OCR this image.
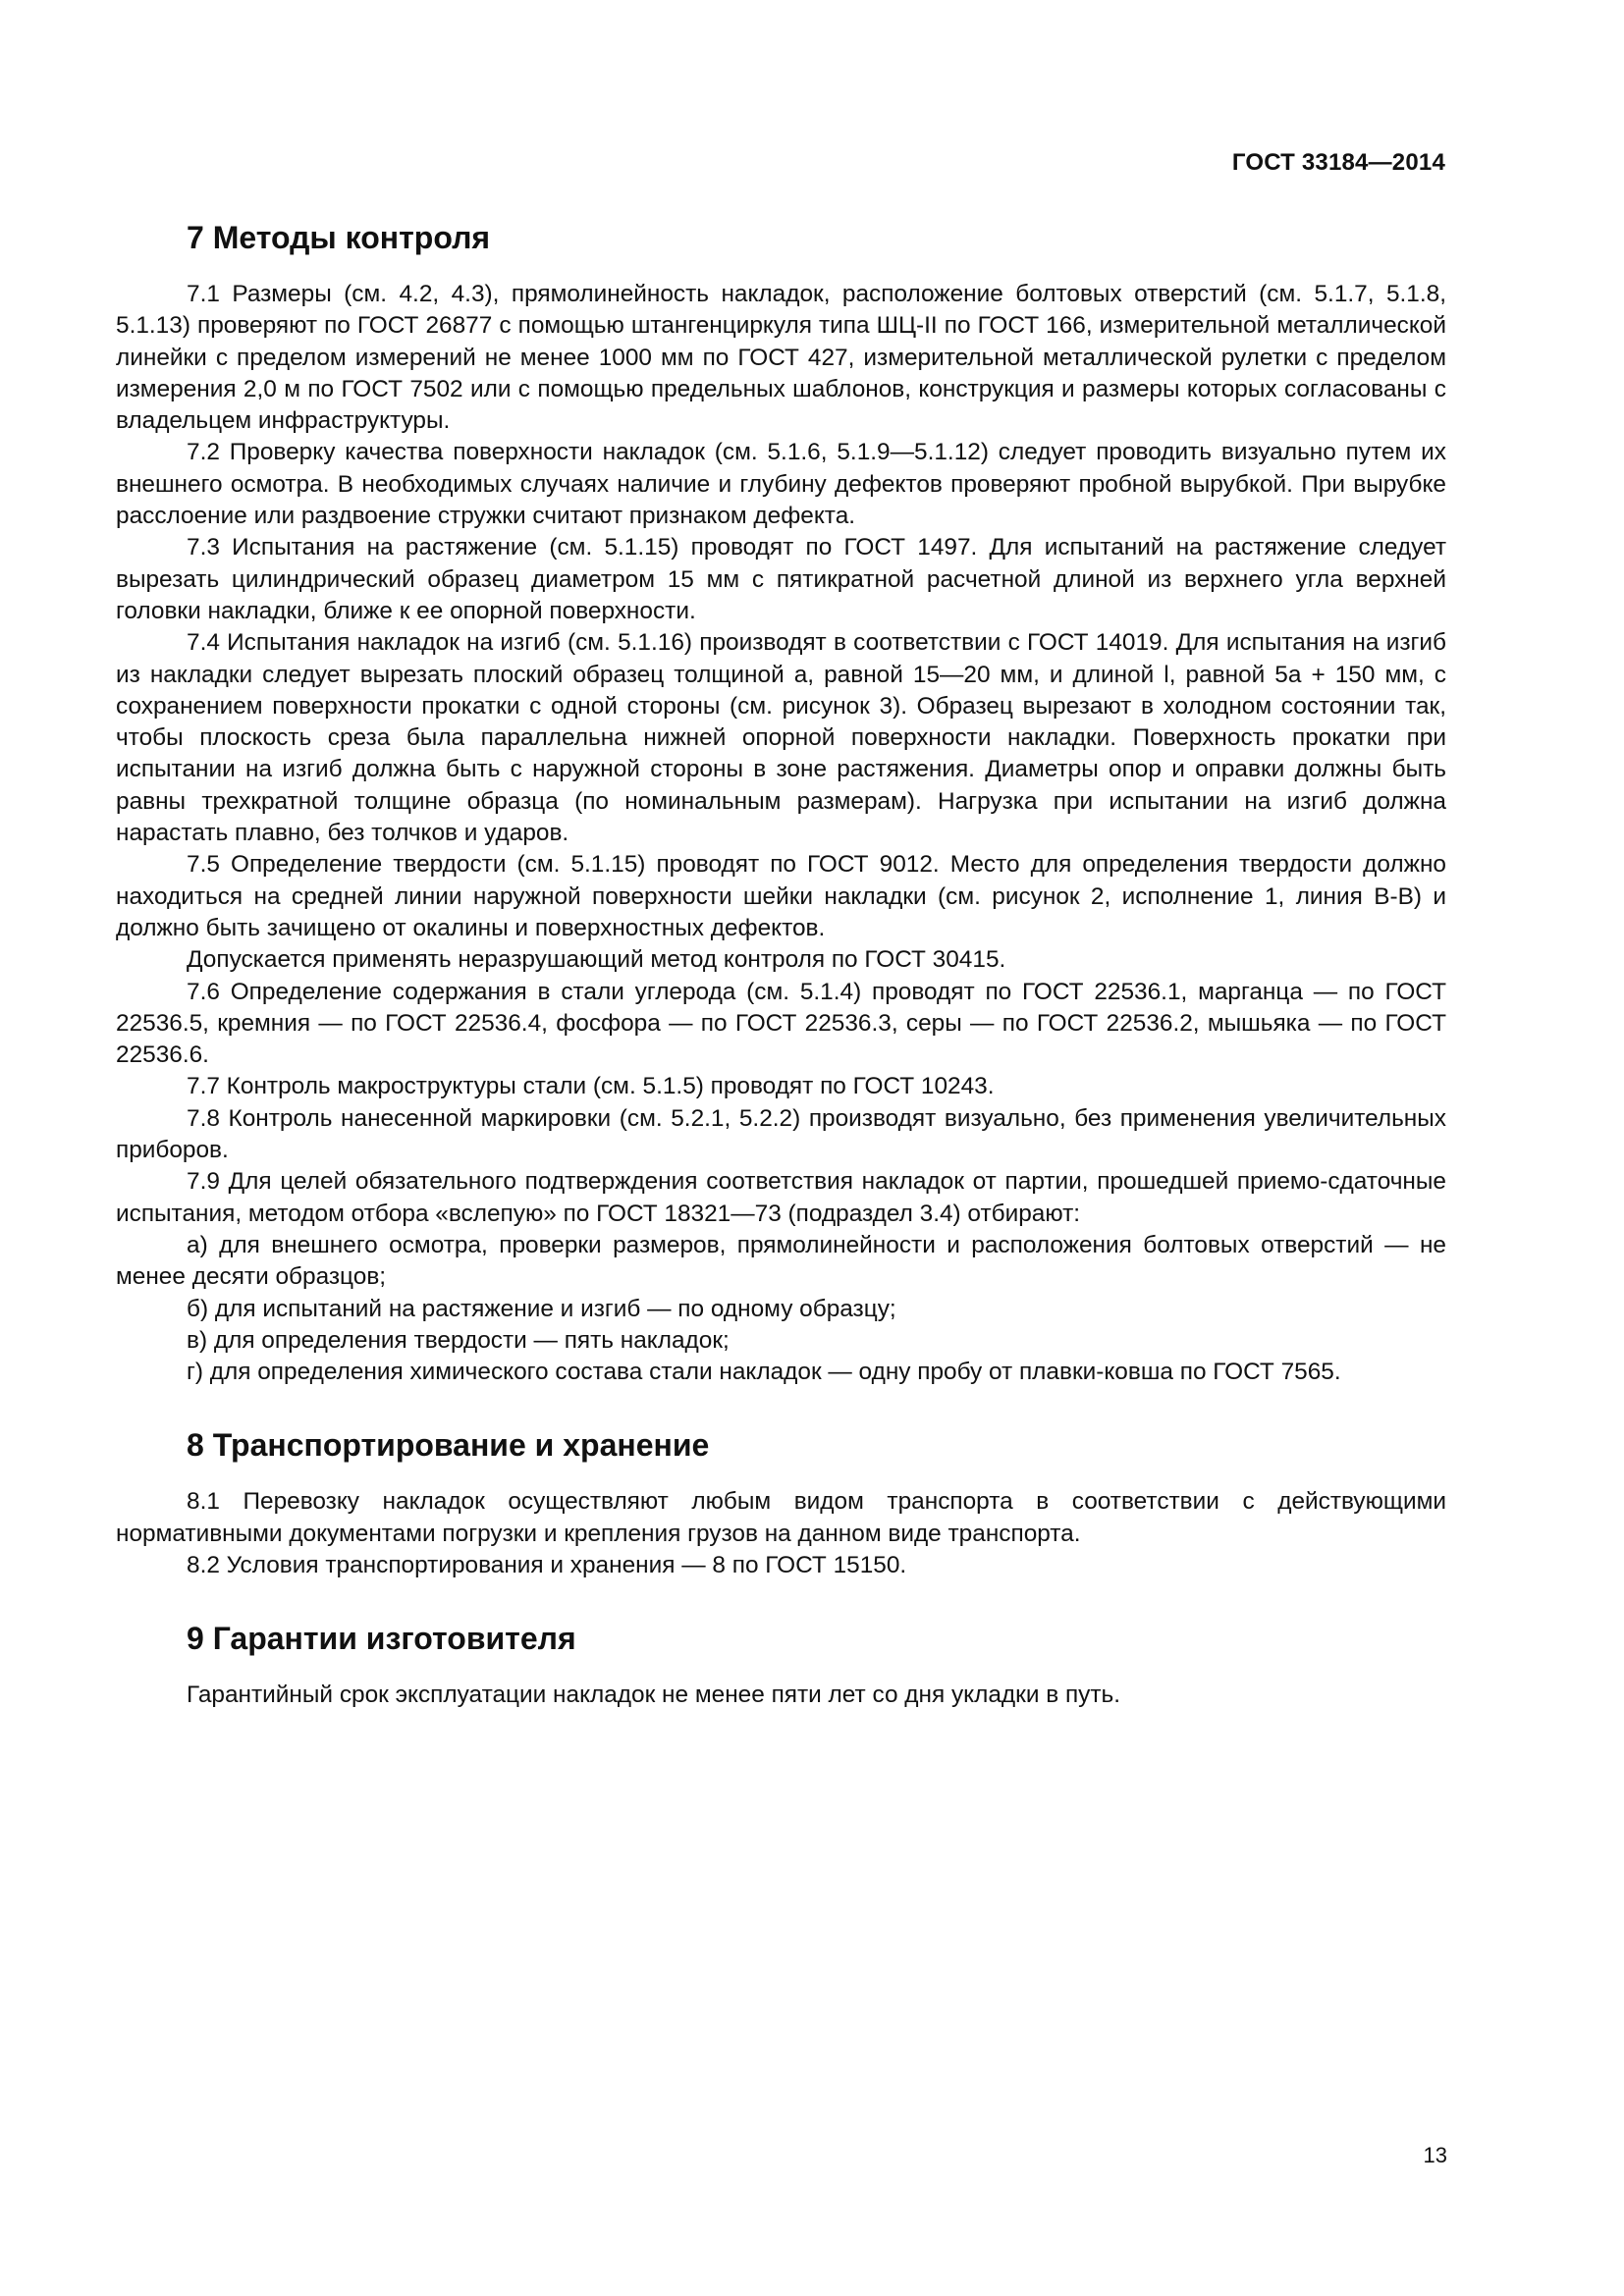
ГОСТ 33184—2014
7 Методы контроля

7.1 Размеры (см. 4.2, 4.3), прямолинейность накладок, расположение болтовых отверстий (см. 5.1.7, 5.1.8, 5.1.13) проверяют по ГОСТ 26877 с помощью штангенциркуля типа ШЦ-II по ГОСТ 166, измерительной металлической линейки с пределом измерений не менее 1000 мм по ГОСТ 427, измерительной металлической рулетки с пределом измерения 2,0 м по ГОСТ 7502 или с помощью предельных шаблонов, конструкция и размеры которых согласованы с владельцем инфраструктуры.

7.2 Проверку качества поверхности накладок (см. 5.1.6, 5.1.9—5.1.12) следует проводить визуально путем их внешнего осмотра. В необходимых случаях наличие и глубину дефектов проверяют пробной вырубкой. При вырубке расслоение или раздвоение стружки считают признаком дефекта.

7.3 Испытания на растяжение (см. 5.1.15) проводят по ГОСТ 1497. Для испытаний на растяжение следует вырезать цилиндрический образец диаметром 15 мм с пятикратной расчетной длиной из верхнего угла верхней головки накладки, ближе к ее опорной поверхности.

7.4 Испытания накладок на изгиб (см. 5.1.16) производят в соответствии с ГОСТ 14019. Для испытания на изгиб из накладки следует вырезать плоский образец толщиной а, равной 15—20 мм, и длиной l, равной 5а + 150 мм, с сохранением поверхности прокатки с одной стороны (см. рисунок 3). Образец вырезают в холодном состоянии так, чтобы плоскость среза была параллельна нижней опорной поверхности накладки. Поверхность прокатки при испытании на изгиб должна быть с наружной стороны в зоне растяжения. Диаметры опор и оправки должны быть равны трехкратной толщине образца (по номинальным размерам). Нагрузка при испытании на изгиб должна нарастать плавно, без толчков и ударов.

7.5 Определение твердости (см. 5.1.15) проводят по ГОСТ 9012. Место для определения твердости должно находиться на средней линии наружной поверхности шейки накладки (см. рисунок 2, исполнение 1, линия В-В) и должно быть зачищено от окалины и поверхностных дефектов.

Допускается применять неразрушающий метод контроля по ГОСТ 30415.

7.6 Определение содержания в стали углерода (см. 5.1.4) проводят по ГОСТ 22536.1, марганца — по ГОСТ 22536.5, кремния — по ГОСТ 22536.4, фосфора — по ГОСТ 22536.3, серы — по ГОСТ 22536.2, мышьяка — по ГОСТ 22536.6.

7.7 Контроль макроструктуры стали (см. 5.1.5) проводят по ГОСТ 10243.

7.8 Контроль нанесенной маркировки (см. 5.2.1, 5.2.2) производят визуально, без применения увеличительных приборов.

7.9 Для целей обязательного подтверждения соответствия накладок от партии, прошедшей приемо-сдаточные испытания, методом отбора «вслепую» по ГОСТ 18321—73 (подраздел 3.4) отбирают:

а) для внешнего осмотра, проверки размеров, прямолинейности и расположения болтовых отверстий — не менее десяти образцов;

б) для испытаний на растяжение и изгиб — по одному образцу;

в) для определения твердости — пять накладок;

г) для определения химического состава стали накладок — одну пробу от плавки-ковша по ГОСТ 7565.

8 Транспортирование и хранение

8.1 Перевозку накладок осуществляют любым видом транспорта в соответствии с действующими нормативными документами погрузки и крепления грузов на данном виде транспорта.

8.2 Условия транспортирования и хранения — 8 по ГОСТ 15150.

9 Гарантии изготовителя

Гарантийный срок эксплуатации накладок не менее пяти лет со дня укладки в путь.

13
